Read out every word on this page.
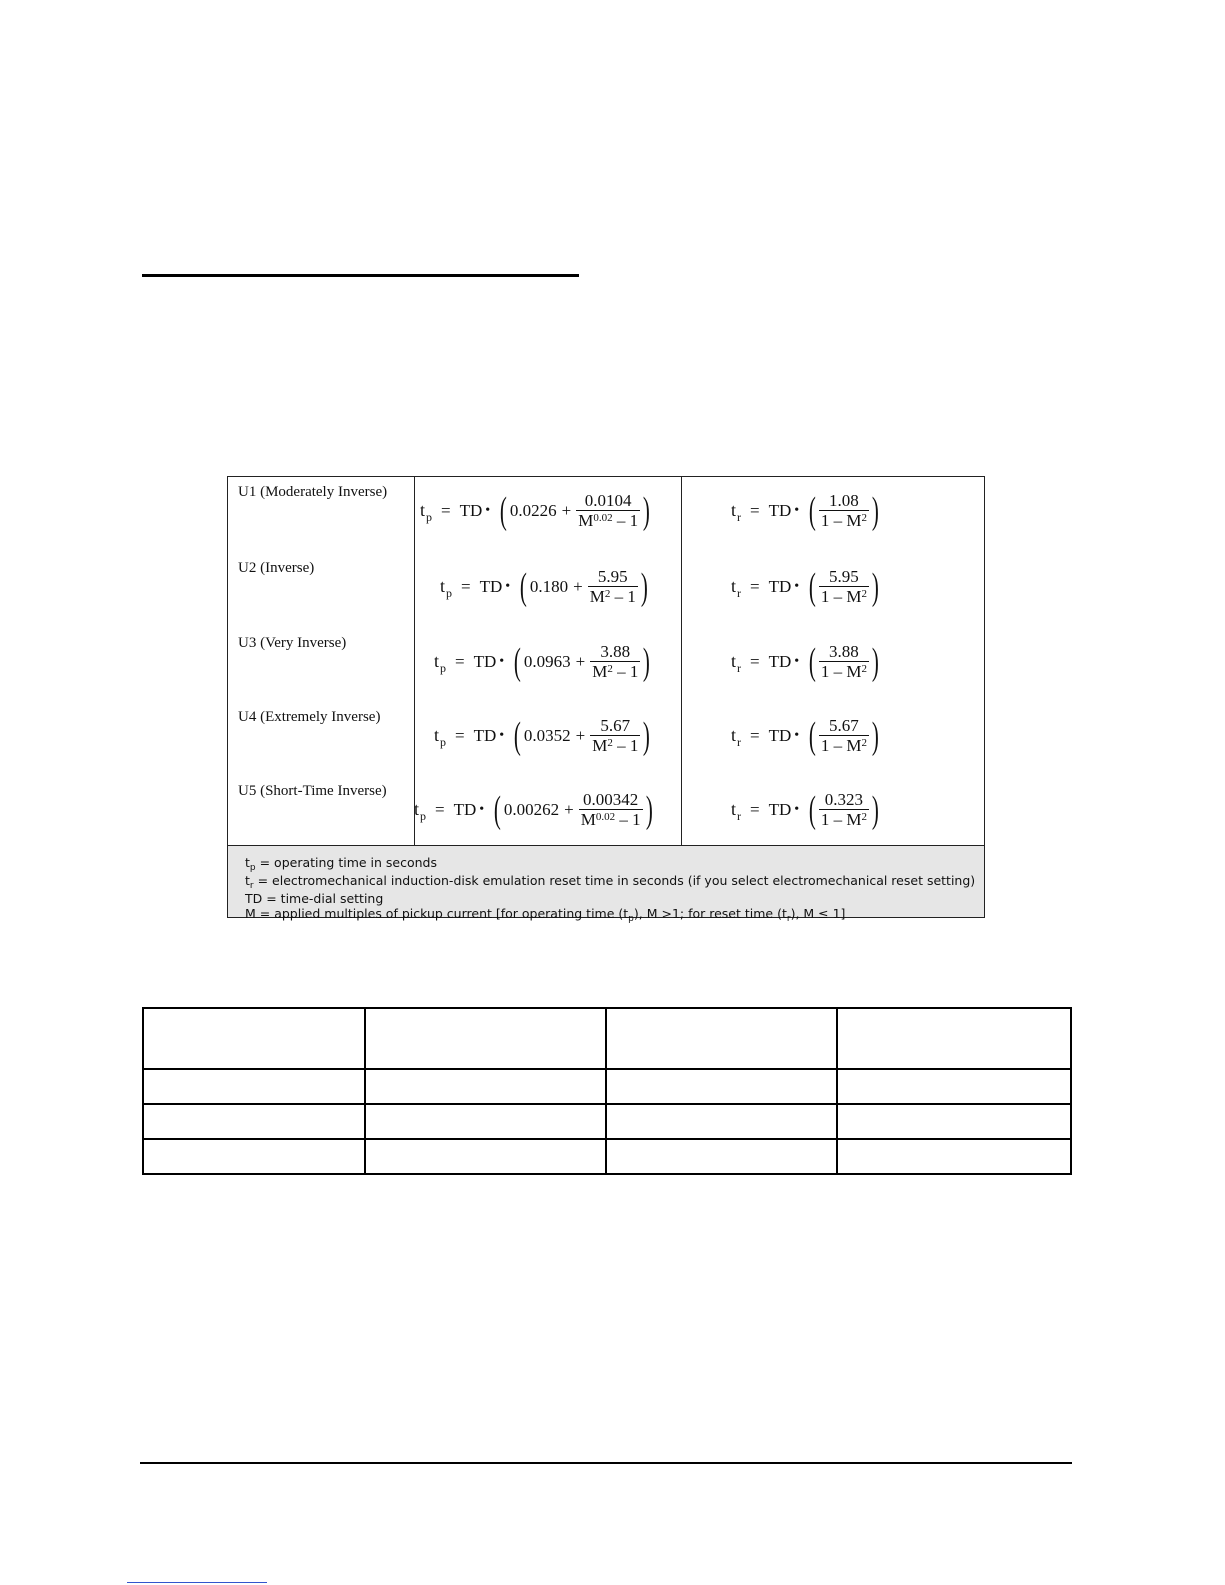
U1 (Moderately Inverse)
t p = TD • ( $0.0226 + \frac{0.0104}{M^{0.02} - 1}$ )	t r = TD • ( $\frac{1.08}{1 - M^2}$ )
U2 (Inverse)
t p = TD • ( $0.180 + \frac{5.95}{M^2 - 1}$ )	t r = TD • ( $\frac{5.95}{1 - M^2}$ )
U3 (Very Inverse)
t p = TD • ( $0.0963 + \frac{3.88}{M^2 - 1}$ )	t r = TD • ( $\frac{3.88}{1 - M^2}$ )
U4 (Extremely Inverse)
t p = TD • ( $0.0352 + \frac{5.67}{M^2 - 1}$ )	t r = TD • ( $\frac{5.67}{1 - M^2}$ )
U5 (Short-Time Inverse)
t p = TD • ( $0.00262 + \frac{0.00342}{M^{0.02} - 1}$ )	t r = TD • ( $\frac{0.323}{1 - M^2}$ )
$t_p$ = operating time in seconds
$t_r$ = electromechanical induction-disk emulation reset time in seconds (if you select electromechanical reset setting)
TD = time-dial setting
M = applied multiples of pickup current [for operating time $(t_p)$, M >1; for reset time $(t_r)$, M ≤ 1]
